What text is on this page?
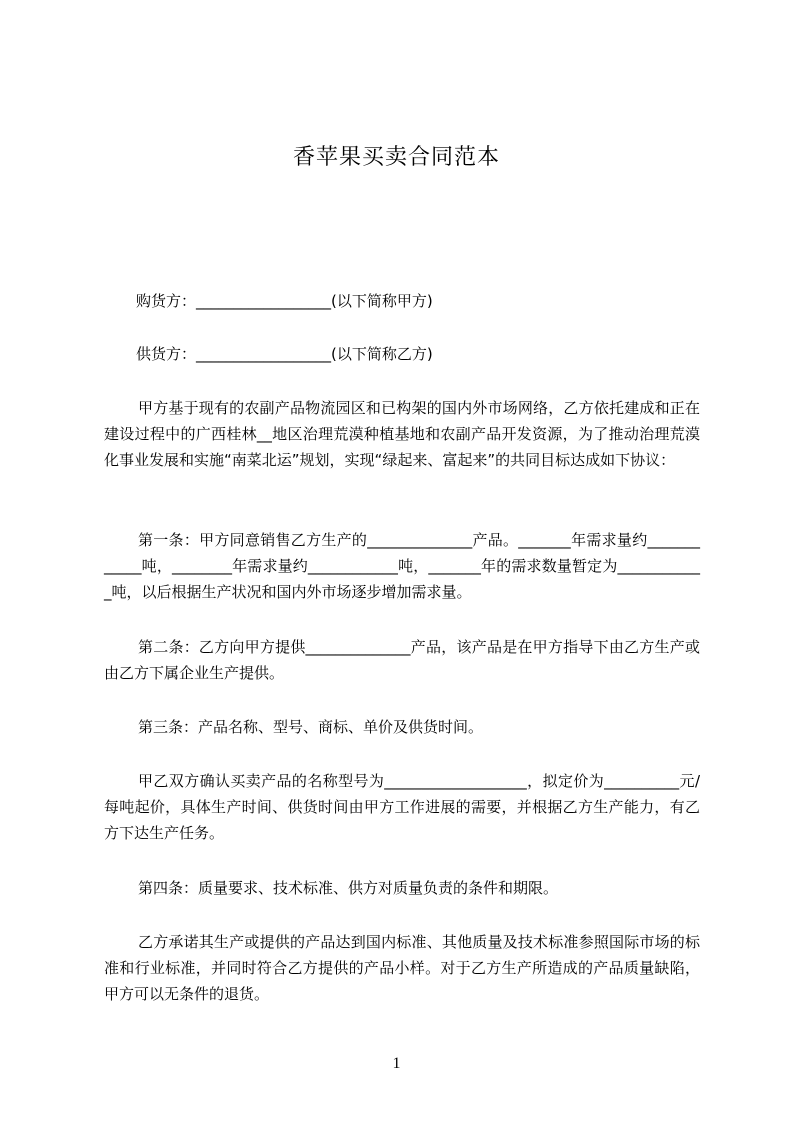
香苹果买卖合同范本
购货方：__________________(以下简称甲方)
供货方：__________________(以下简称乙方)
甲方基于现有的农副产品物流园区和已构架的国内外市场网络，乙方依托建成和正在建设过程中的广西桂林__地区治理荒漠种植基地和农副产品开发资源，为了推动治理荒漠化事业发展和实施“南菜北运”规划，实现“绿起来、富起来”的共同目标达成如下协议：
第一条：甲方同意销售乙方生产的______________产品。_______年需求量约____________吨，________年需求量约____________吨，_______年的需求数量暂定为____________吨，以后根据生产状况和国内外市场逐步增加需求量。
第二条：乙方向甲方提供______________产品，该产品是在甲方指导下由乙方生产或由乙方下属企业生产提供。
第三条：产品名称、型号、商标、单价及供货时间。
甲乙双方确认买卖产品的名称型号为___________________，拟定价为__________元/每吨起价，具体生产时间、供货时间由甲方工作进展的需要，并根据乙方生产能力，有乙方下达生产任务。
第四条：质量要求、技术标准、供方对质量负责的条件和期限。
乙方承诺其生产或提供的产品达到国内标准、其他质量及技术标准参照国际市场的标准和行业标准，并同时符合乙方提供的产品小样。对于乙方生产所造成的产品质量缺陷，甲方可以无条件的退货。
1
